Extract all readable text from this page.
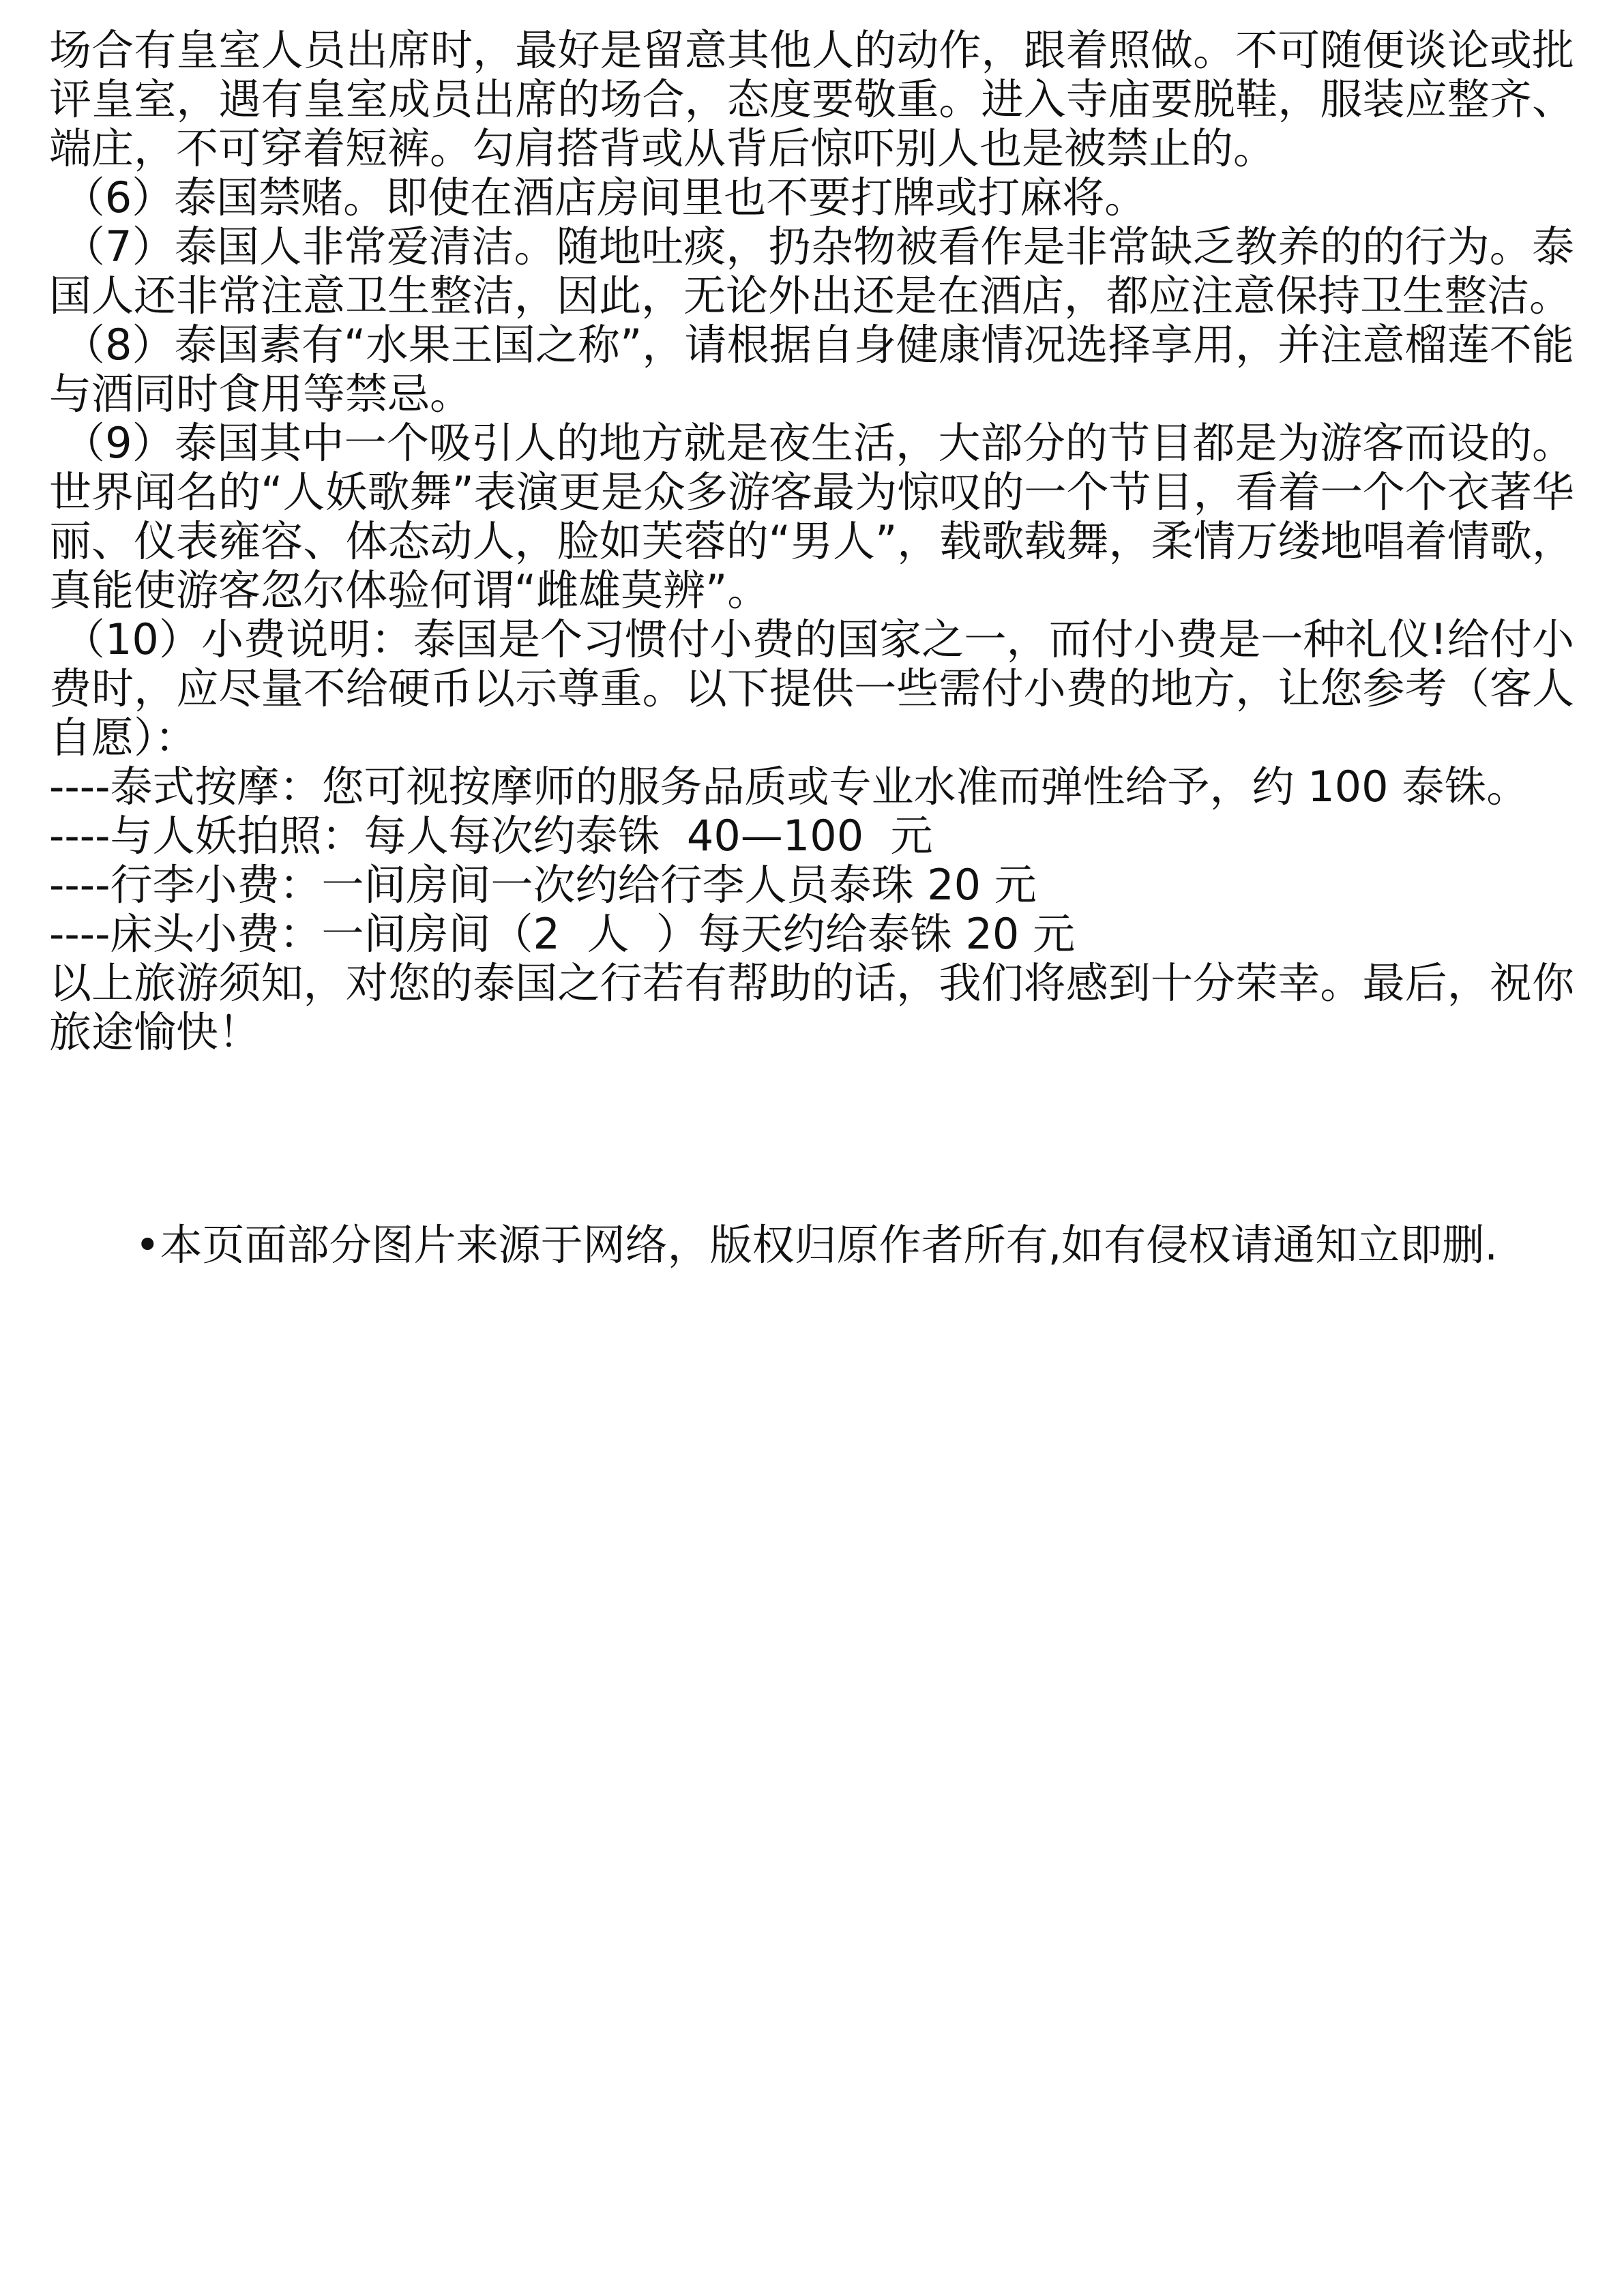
场合有皇室人员出席时，最好是留意其他人的动作，跟着照做。不可随便谈论或批评皇室，遇有皇室成员出席的场合，态度要敬重。进入寺庙要脱鞋，服装应整齐、端庄，不可穿着短裤。勾肩搭背或从背后惊吓别人也是被禁止的。

（6）泰国禁赌。即使在酒店房间里也不要打牌或打麻将。

（7）泰国人非常爱清洁。随地吐痰，扔杂物被看作是非常缺乏教养的的行为。泰国人还非常注意卫生整洁，因此，无论外出还是在酒店，都应注意保持卫生整洁。

（8）泰国素有“水果王国之称”，请根据自身健康情况选择享用，并注意榴莲不能与酒同时食用等禁忌。

（9）泰国其中一个吸引人的地方就是夜生活，大部分的节目都是为游客而设的。世界闻名的“人妖歌舞”表演更是众多游客最为惊叹的一个节目，看着一个个衣著华丽、仪表雍容、体态动人，脸如芙蓉的“男人”，载歌载舞，柔情万缕地唱着情歌，真能使游客忽尔体验何谓“雌雄莫辨”。

（10）小费说明：泰国是个习惯付小费的国家之一，而付小费是一种礼仪!给付小费时，应尽量不给硬币以示尊重。以下提供一些需付小费的地方，让您参考（客人自愿）：

----泰式按摩：您可视按摩师的服务品质或专业水准而弹性给予，约 100 泰铢。

----与人妖拍照：每人每次约泰铢  40—100  元

----行李小费：一间房间一次约给行李人员泰珠 20 元

----床头小费：一间房间（2  人  ）每天约给泰铢 20 元

以上旅游须知，对您的泰国之行若有帮助的话，我们将感到十分荣幸。最后，祝你旅途愉快！

•本页面部分图片来源于网络，版权归原作者所有,如有侵权请通知立即删.
